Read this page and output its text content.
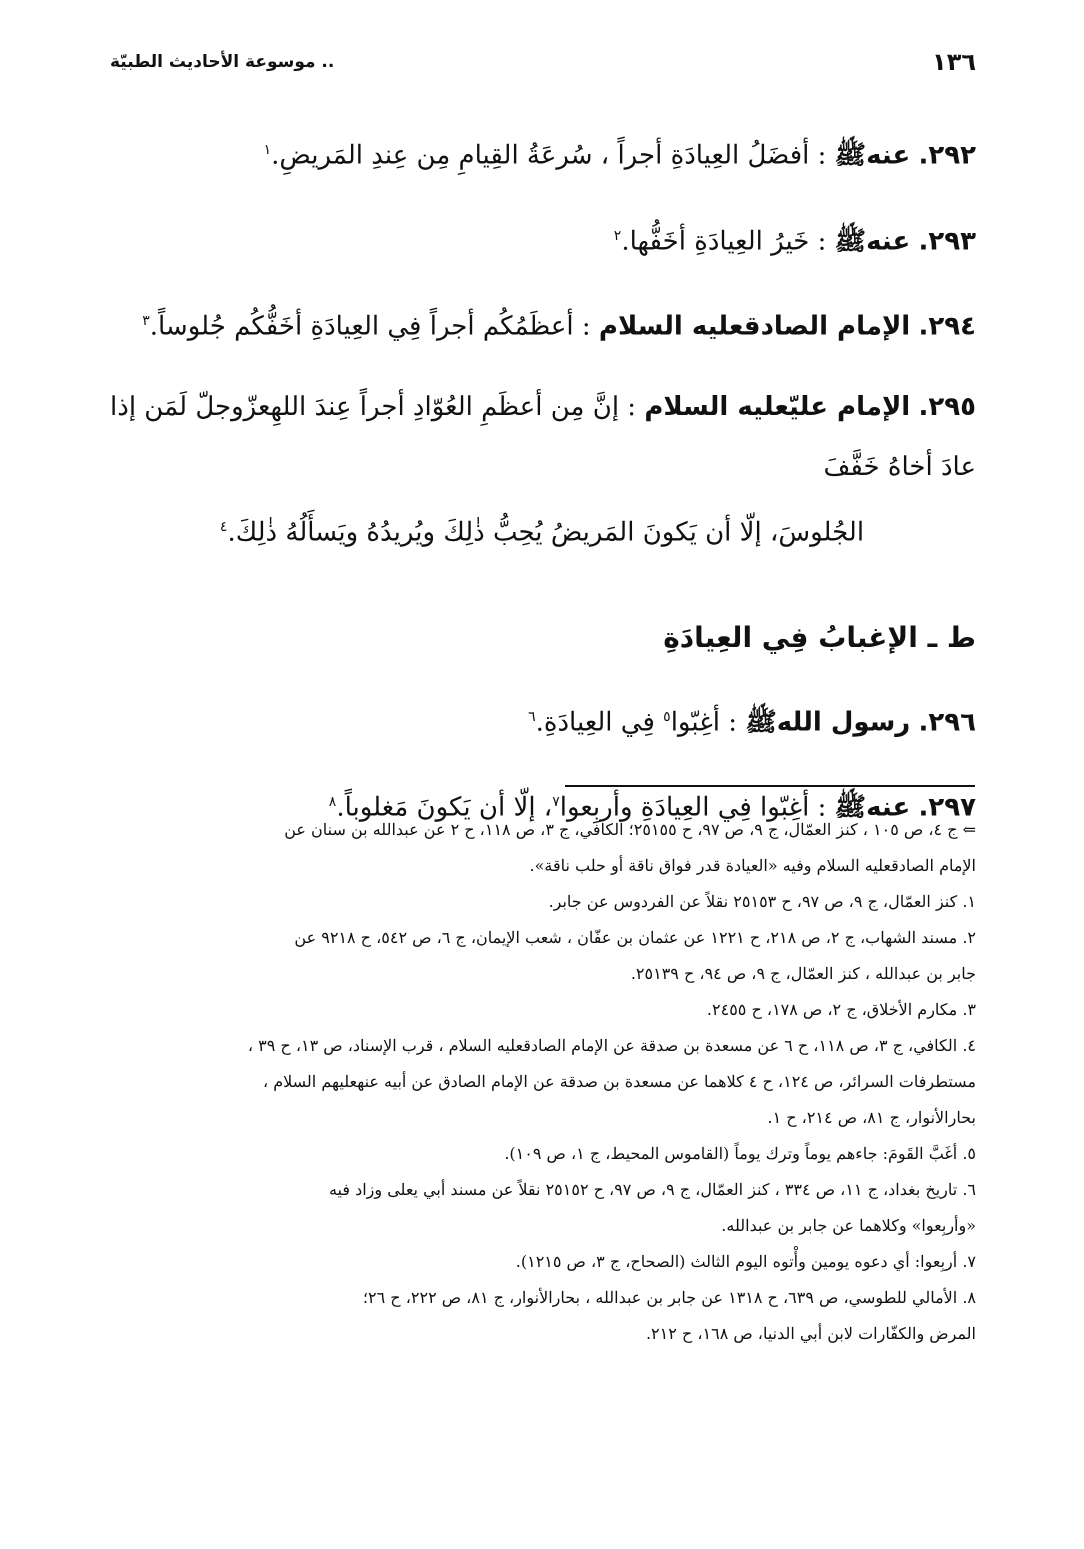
١٣٦
.. موسوعة الأحاديث الطبيّة

٢٩٢. عنهﷺ : أفضَلُ العِيادَةِ أجراً ، سُرعَةُ القِيامِ مِن عِندِ المَريضِ.$^١$

٢٩٣. عنهﷺ : خَيرُ العِيادَةِ أخَفُّها.$^٢$

٢٩٤. الإمام الصادقعليه السلام : أعظَمُكُم أجراً فِي العِيادَةِ أخَفُّكُم جُلوساً.$^٣$

٢٩٥. الإمام عليّعليه السلام : إنَّ مِن أعظَمِ العُوّادِ أجراً عِندَ اللهِعزّوجلّ لَمَن إذا عادَ أخاهُ خَفَّفَ
الجُلوسَ، إلّا أن يَكونَ المَريضُ يُحِبُّ ذٰلِكَ ويُريدُهُ ويَسأَلُهُ ذٰلِكَ.$^٤$

ط ـ الإغبابُ فِي العِيادَةِ

٢٩٦. رسول اللهﷺ : أغِبّوا$^٥$ فِي العِيادَةِ.$^٦$

٢٩٧. عنهﷺ : أغِبّوا فِي العِيادَةِ وأربِعوا$^٧$، إلّا أن يَكونَ مَغلوباً.$^٨$

⇐ ج ٤، ص ١٠٥ ، كنز العمّال، ج ٩، ص ٩٧، ح ٢٥١٥٥؛ الكافي، ج ٣، ص ١١٨، ح ٢ عن عبدالله بن سنان عن

الإمام الصادقعليه السلام وفيه «العيادة قدر فواق ناقة أو حلب ناقة».

١. كنز العمّال، ج ٩، ص ٩٧، ح ٢٥١٥٣ نقلاً عن الفردوس عن جابر.

٢. مسند الشهاب، ج ٢، ص ٢١٨، ح ١٢٢١ عن عثمان بن عفّان ، شعب الإيمان، ج ٦، ص ٥٤٢، ح ٩٢١٨ عن

جابر بن عبدالله ، كنز العمّال، ج ٩، ص ٩٤، ح ٢٥١٣٩.

٣. مكارم الأخلاق، ج ٢، ص ١٧٨، ح ٢٤٥٥.

٤. الكافي، ج ٣، ص ١١٨، ح ٦ عن مسعدة بن صدقة عن الإمام الصادقعليه السلام ، قرب الإسناد، ص ١٣، ح ٣٩ ،

مستطرفات السرائر، ص ١٢٤، ح ٤ كلاهما عن مسعدة بن صدقة عن الإمام الصادق عن أبيه عنهعليهم السلام ،

بحارالأنوار، ج ٨١، ص ٢١٤، ح ١.

٥. أغَبَّ القَومَ: جاءهم يوماً وترك يوماً (القاموس المحيط، ج ١، ص ١٠٩).

٦. تاريخ بغداد، ج ١١، ص ٣٣٤ ، كنز العمّال، ج ٩، ص ٩٧، ح ٢٥١٥٢ نقلاً عن مسند أبي يعلى وزاد فيه

«وأربِعوا» وكلاهما عن جابر بن عبدالله.

٧. أربِعوا: أي دعوه يومين وأْتوه اليوم الثالث (الصحاح، ج ٣، ص ١٢١٥).

٨. الأمالي للطوسي، ص ٦٣٩، ح ١٣١٨ عن جابر بن عبدالله ، بحارالأنوار، ج ٨١، ص ٢٢٢، ح ٢٦؛

المرض والكفّارات لابن أبي الدنيا، ص ١٦٨، ح ٢١٢.
